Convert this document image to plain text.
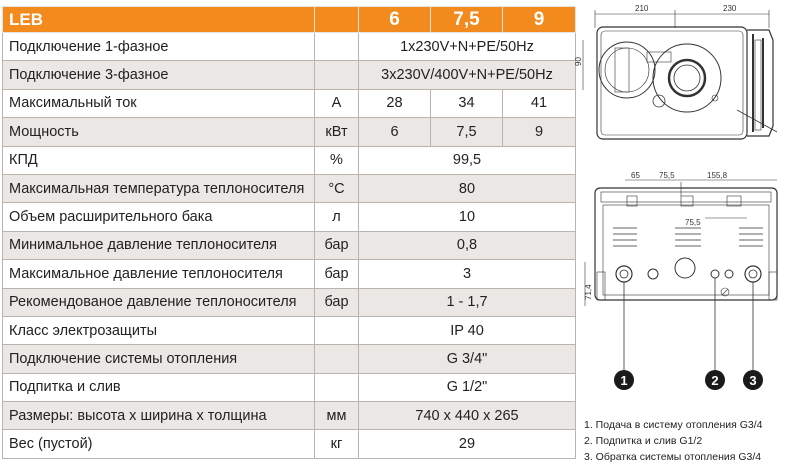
LEB		6	7,5	9
Подключение 1-фазное		1x230V+N+PE/50Hz		
Подключение 3-фазное		3x230V/400V+N+PE/50Hz		
Максимальный ток	А	28	34	41
Мощность	кВт	6	7,5	9
КПД	%	99,5		
Максимальная температура теплоносителя	°С	80		
Объем расширительного бака	л	10		
Минимальное давление теплоносителя	бар	0,8		
Максимальное давление теплоносителя	бар	3		
Рекомендованое давление теплоносителя	бар	1 - 1,7		
Класс электрозащиты		IP 40		
Подключение системы отопления		G 3/4"		
Подпитка и слив		G 1/2"		
Размеры: высота х ширина х толщина	мм	740 x 440 x 265		
Вес (пустой)	кг	29		
210	230
90
65 75,5	155,8
75,5
71,4
1	2 3
1. Подача в систему отопления G3/4
2. Подпитка и слив G1/2
3. Обратка системы отопления G3/4
